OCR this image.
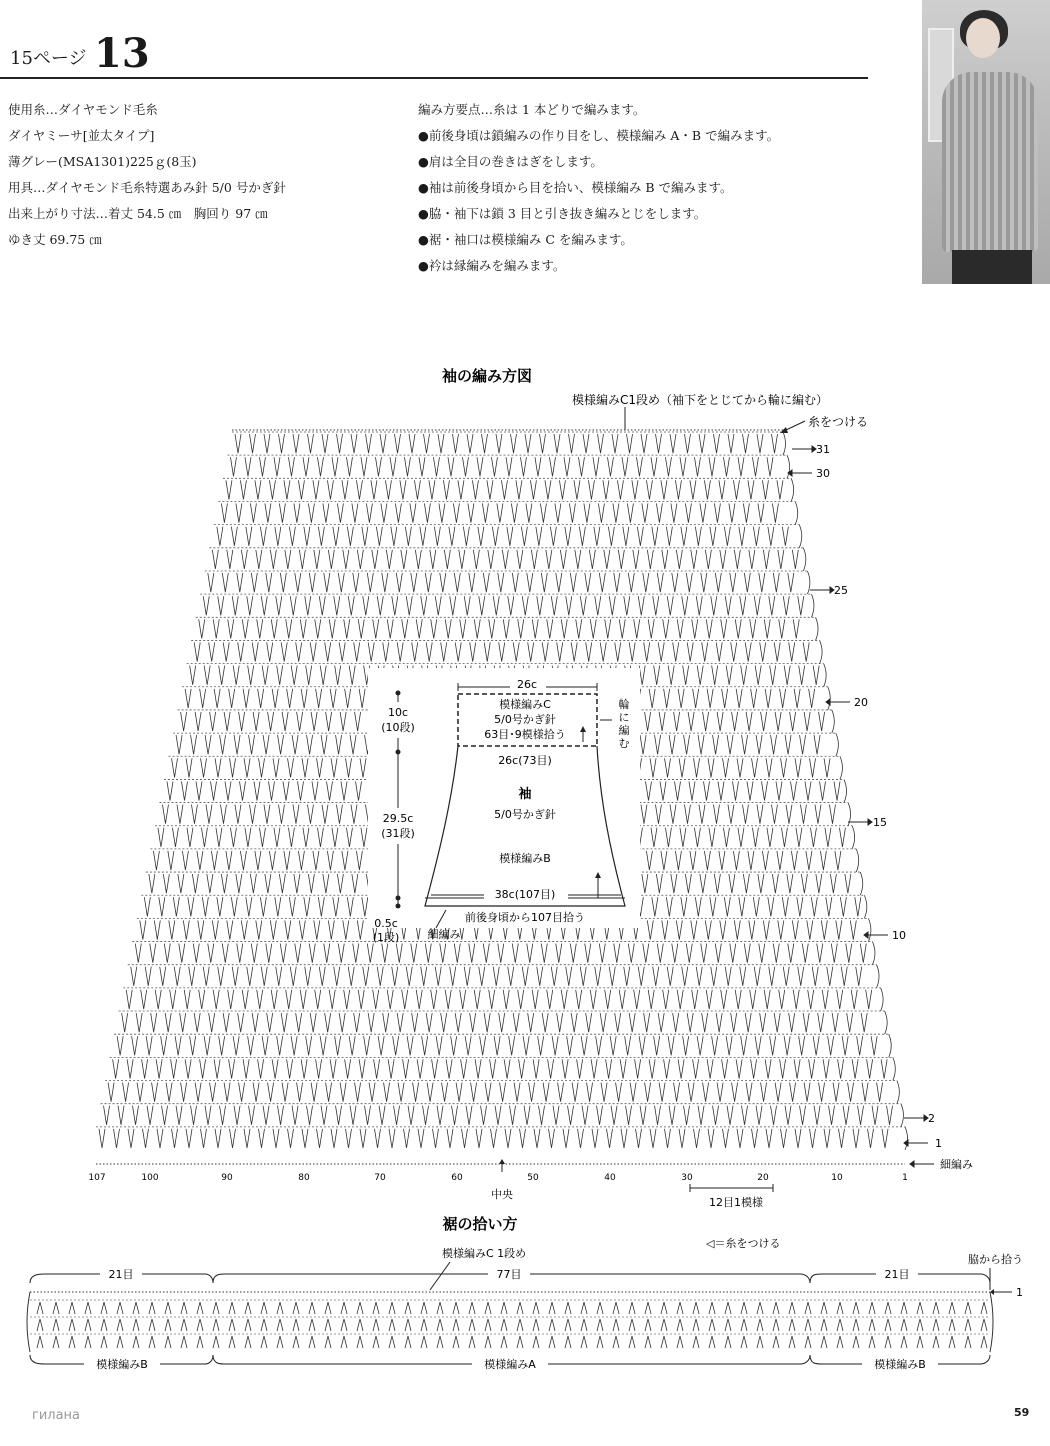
15ページ 13
使用糸…ダイヤモンド毛糸
ダイヤミーサ[並太タイプ]
薄グレー(MSA1301)225ｇ(8玉)
用具…ダイヤモンド毛糸特選あみ針 5/0 号かぎ針
出来上がり寸法…着丈 54.5 ㎝　胸回り 97 ㎝
ゆき丈 69.75 ㎝
編み方要点…糸は 1 本どりで編みます。
●前後身頃は鎖編みの作り目をし、模様編み A・B で編みます。
●肩は全目の巻きはぎをします。
●袖は前後身頃から目を拾い、模様編み B で編みます。
●脇・袖下は鎖 3 目と引き抜き編みとじをします。
●裾・袖口は模様編み C を編みます。
●衿は縁編みを編みます。
袖の編み方図
模様編みC1段め（袖下をとじてから輪に編む）
糸をつける
31
30
25
20
15
10
2
1
細編み
107	100	90	80	70	60	50	40	30	20	10	1
中央
12目1模様
26c
模様編みC
5/0号かぎ針
63目･9模様拾う
輪に編む
26c(73目)
袖
5/0号かぎ針
模様編みB
38c(107目)
前後身頃から107目拾う
細編み
10c
(10段)
29.5c
(31段)
0.5c
(1段)
裾の拾い方
◁＝糸をつける
模様編みC 1段め	脇から拾う
1
21目	77目	21目
模様編みB	模様編みA	模様編みB
гилана	59
